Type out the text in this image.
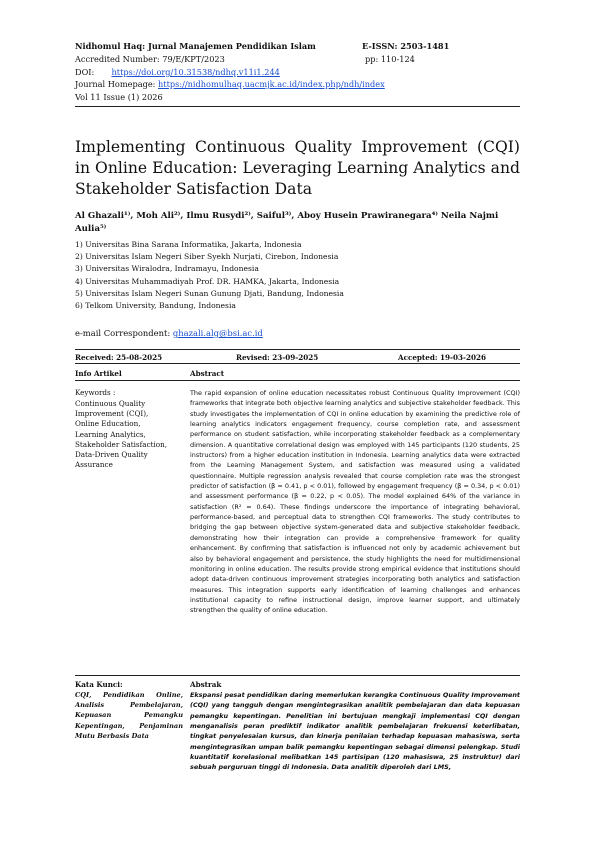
Nidhomul Haq: Jurnal Manajemen Pendidikan Islam	E-ISSN: 2503-1481
Accredited Number: 79/E/KPT/2023	pp: 110-124
DOI: https://doi.org/10.31538/ndhq.v11i1.244
Journal Homepage: https://nidhomulhaq.uacmjk.ac.id/index.php/ndh/index
Vol 11 Issue (1) 2026
Implementing Continuous Quality Improvement (CQI) in Online Education: Leveraging Learning Analytics and Stakeholder Satisfaction Data
Al Ghazali¹⁾, Moh Ali²⁾, Ilmu Rusydi²⁾, Saiful³⁾, Aboy Husein Prawiranegara⁴⁾ Neila Najmi Aulia⁵⁾
1) Universitas Bina Sarana Informatika, Jakarta, Indonesia
2) Universitas Islam Negeri Siber Syekh Nurjati, Cirebon, Indonesia
3) Universitas Wiralodra, Indramayu, Indonesia
4) Universitas Muhammadiyah Prof. DR. HAMKA, Jakarta, Indonesia
5) Universitas Islam Negeri Sunan Gunung Djati, Bandung, Indonesia
6) Telkom University, Bandung, Indonesia
e-mail Correspondent: ghazali.alg@bsi.ac.id
Received: 25-08-2025	Revised: 23-09-2025	Accepted: 19-03-2026
Info Artikel	Abstract
Keywords :
Continuous Quality
Improvement (CQI),
Online Education,
Learning Analytics,
Stakeholder Satisfaction,
Data-Driven Quality
Assurance

The rapid expansion of online education necessitates robust Continuous Quality Improvement (CQI) frameworks that integrate both objective learning analytics and subjective stakeholder feedback. This study investigates the implementation of CQI in online education by examining the predictive role of learning analytics indicators engagement frequency, course completion rate, and assessment performance on student satisfaction, while incorporating stakeholder feedback as a complementary dimension. A quantitative correlational design was employed with 145 participants (120 students, 25 instructors) from a higher education institution in Indonesia. Learning analytics data were extracted from the Learning Management System, and satisfaction was measured using a validated questionnaire. Multiple regression analysis revealed that course completion rate was the strongest predictor of satisfaction (β = 0.41, p < 0.01), followed by engagement frequency (β = 0.34, p < 0.01) and assessment performance (β = 0.22, p < 0.05). The model explained 64% of the variance in satisfaction (R² = 0.64). These findings underscore the importance of integrating behavioral, performance-based, and perceptual data to strengthen CQI frameworks. The study contributes to bridging the gap between objective system-generated data and subjective stakeholder feedback, demonstrating how their integration can provide a comprehensive framework for quality enhancement. By confirming that satisfaction is influenced not only by academic achievement but also by behavioral engagement and persistence, the study highlights the need for multidimensional monitoring in online education. The results provide strong empirical evidence that institutions should adopt data-driven continuous improvement strategies incorporating both analytics and satisfaction measures. This integration supports early identification of learning challenges and enhances institutional capacity to refine instructional design, improve learner support, and ultimately strengthen the quality of online education.

Kata Kunci:

CQI, Pendidikan Online, Analisis Pembelajaran, Kepuasan Pemangku Kepentingan, Penjaminan Mutu Berbasis Data

Abstrak

Ekspansi pesat pendidikan daring memerlukan kerangka Continuous Quality Improvement (CQI) yang tangguh dengan mengintegrasikan analitik pembelajaran dan data kepuasan pemangku kepentingan. Penelitian ini bertujuan mengkaji implementasi CQI dengan menganalisis peran prediktif indikator analitik pembelajaran frekuensi keterlibatan, tingkat penyelesaian kursus, dan kinerja penilaian terhadap kepuasan mahasiswa, serta mengintegrasikan umpan balik pemangku kepentingan sebagai dimensi pelengkap. Studi kuantitatif korelasional melibatkan 145 partisipan (120 mahasiswa, 25 instruktur) dari sebuah perguruan tinggi di Indonesia. Data analitik diperoleh dari LMS,
